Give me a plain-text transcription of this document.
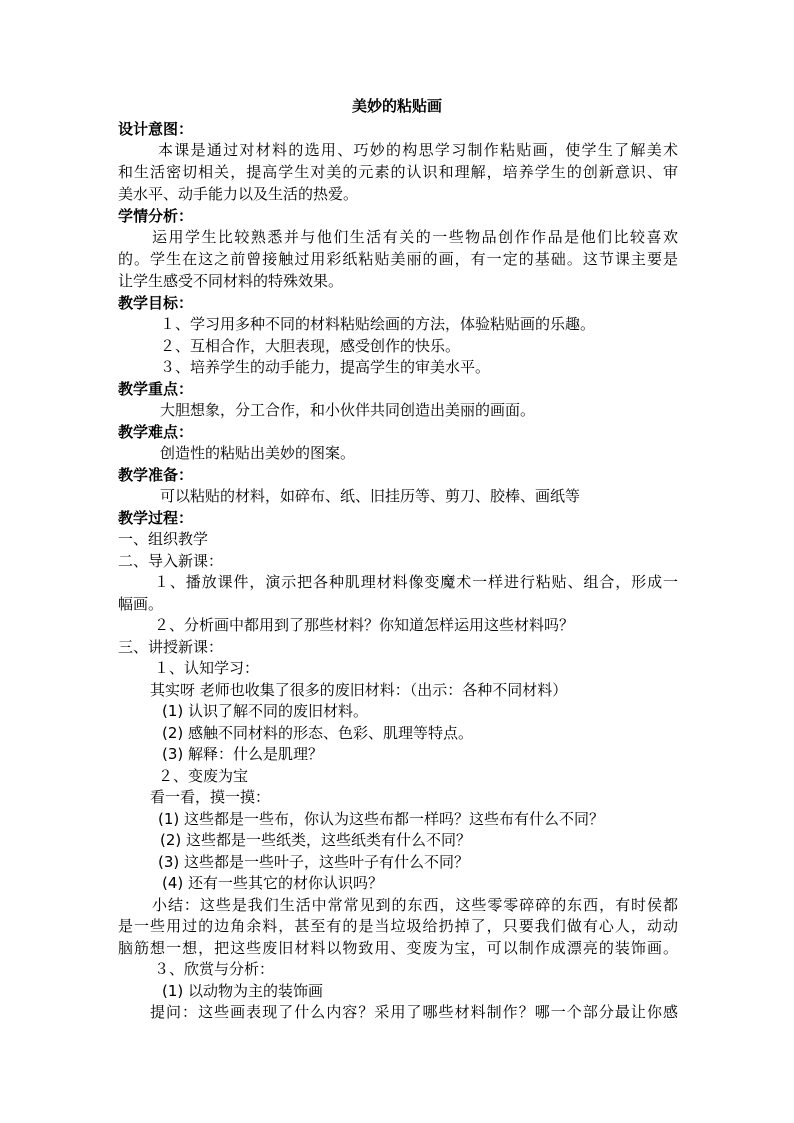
美妙的粘贴画
设计意图：
本课是通过对材料的选用、巧妙的构思学习制作粘贴画，使学生了解美术
和生活密切相关，提高学生对美的元素的认识和理解，培养学生的创新意识、审
美水平、动手能力以及生活的热爱。
学情分析：
运用学生比较熟悉并与他们生活有关的一些物品创作作品是他们比较喜欢
的。学生在这之前曾接触过用彩纸粘贴美丽的画，有一定的基础。这节课主要是
让学生感受不同材料的特殊效果。
教学目标：
１、学习用多种不同的材料粘贴绘画的方法，体验粘贴画的乐趣。
２、互相合作，大胆表现，感受创作的快乐。
３、培养学生的动手能力，提高学生的审美水平。
教学重点：
大胆想象，分工合作，和小伙伴共同创造出美丽的画面。
教学难点：
创造性的粘贴出美妙的图案。
教学准备：
可以粘贴的材料，如碎布、纸、旧挂历等、剪刀、胶棒、画纸等
教学过程：
一、组织教学
二、导入新课：
１、播放课件，演示把各种肌理材料像变魔术一样进行粘贴、组合，形成一
幅画。
２、分析画中都用到了那些材料？你知道怎样运用这些材料吗？
三、讲授新课：
１、认知学习：
其实呀 老师也收集了很多的废旧材料：（出示：各种不同材料）
(1) 认识了解不同的废旧材料。
(2) 感触不同材料的形态、色彩、肌理等特点。
(3) 解释：什么是肌理？
２、变废为宝
看一看，摸一摸：
(1) 这些都是一些布，你认为这些布都一样吗？这些布有什么不同？
(2) 这些都是一些纸类，这些纸类有什么不同？
(3) 这些都是一些叶子，这些叶子有什么不同？
(4) 还有一些其它的材你认识吗？
小结：这些是我们生活中常常见到的东西，这些零零碎碎的东西，有时侯都
是一些用过的边角余料，甚至有的是当垃圾给扔掉了，只要我们做有心人，动动
脑筋想一想，把这些废旧材料以物致用、变废为宝，可以制作成漂亮的装饰画。
３、欣赏与分析：
(1) 以动物为主的装饰画
提问：这些画表现了什么内容？采用了哪些材料制作？哪一个部分最让你感
